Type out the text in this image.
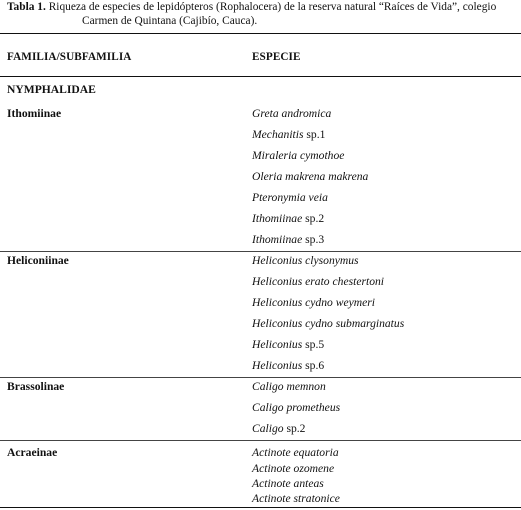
Tabla 1. Riqueza de especies de lepidópteros (Rophalocera) de la reserva natural “Raíces de Vida”, colegio
Carmen de Quintana (Cajibío, Cauca).
FAMILIA/SUBFAMILIA	ESPECIE
NYMPHALIDAE
Ithomiinae	Greta andromica
Mechanitis sp.1
Miraleria cymothoe
Oleria makrena makrena
Pteronymia veia
Ithomiinae sp.2
Ithomiinae sp.3
Heliconiinae	Heliconius clysonymus
Heliconius erato chestertoni
Heliconius cydno weymeri
Heliconius cydno submarginatus
Heliconius sp.5
Heliconius sp.6
Brassolinae	Caligo memnon
Caligo prometheus
Caligo sp.2
Acraeinae	Actinote equatoria
Actinote ozomene
Actinote anteas
Actinote stratonice
